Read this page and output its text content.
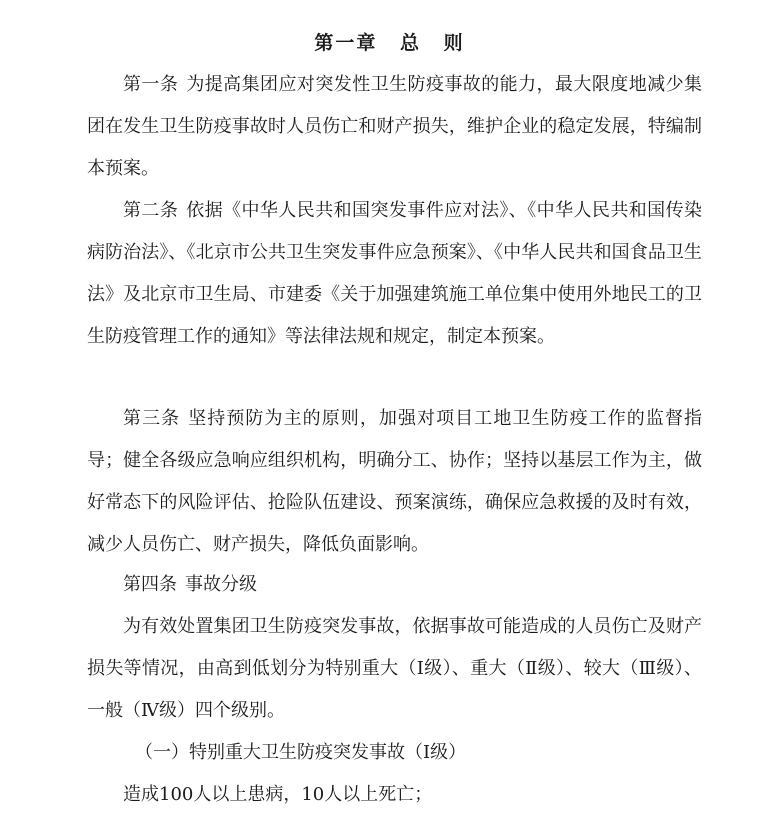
第一章 总 则

第一条 为提高集团应对突发性卫生防疫事故的能力，最大限度地减少集团在发生卫生防疫事故时人员伤亡和财产损失，维护企业的稳定发展，特编制本预案。

第二条 依据《中华人民共和国突发事件应对法》、《中华人民共和国传染病防治法》、《北京市公共卫生突发事件应急预案》、《中华人民共和国食品卫生法》及北京市卫生局、市建委《关于加强建筑施工单位集中使用外地民工的卫生防疫管理工作的通知》等法律法规和规定，制定本预案。

第三条 坚持预防为主的原则，加强对项目工地卫生防疫工作的监督指导；健全各级应急响应组织机构，明确分工、协作；坚持以基层工作为主，做好常态下的风险评估、抢险队伍建设、预案演练，确保应急救援的及时有效，减少人员伤亡、财产损失，降低负面影响。

第四条 事故分级

为有效处置集团卫生防疫突发事故，依据事故可能造成的人员伤亡及财产损失等情况，由高到低划分为特别重大（Ⅰ级）、重大（Ⅱ级）、较大（Ⅲ级）、 一般（Ⅳ级）四个级别。

（一）特别重大卫生防疫突发事故（Ⅰ级）

造成100人以上患病，10人以上死亡；
